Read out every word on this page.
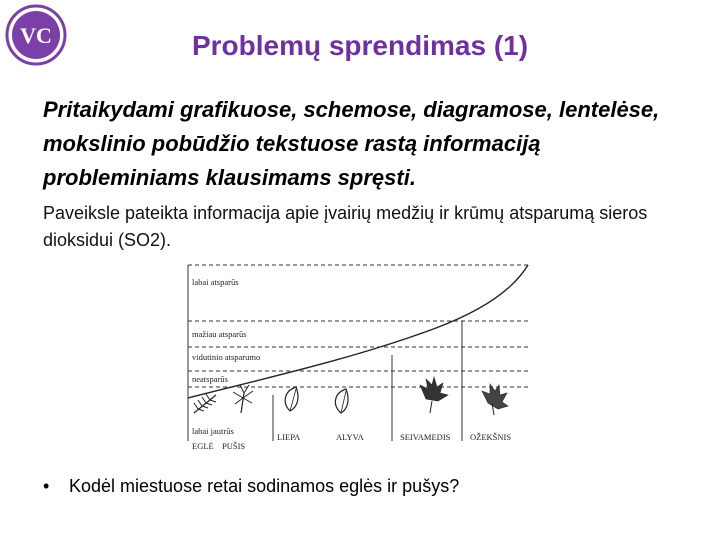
VC	Problemų sprendimas (1)
Pritaikydami grafikuose, schemose, diagramose, lentelėse, mokslinio pobūdžio tekstuose rastą informaciją probleminiams klausimams spręsti.
Paveiksle pateikta informacija apie įvairių medžių ir krūmų atsparumą sieros dioksidui (SO2).
labai atsparūs
mažiau atsparūs
vidutinio atsparumo
neatsparūs
labai jautrūs
EGLĖ PUŠIS
LIEPA	ALYVA	SEIVAMEDIS OŽEKŠNIS
• Kodėl miestuose retai sodinamos eglės ir pušys?
